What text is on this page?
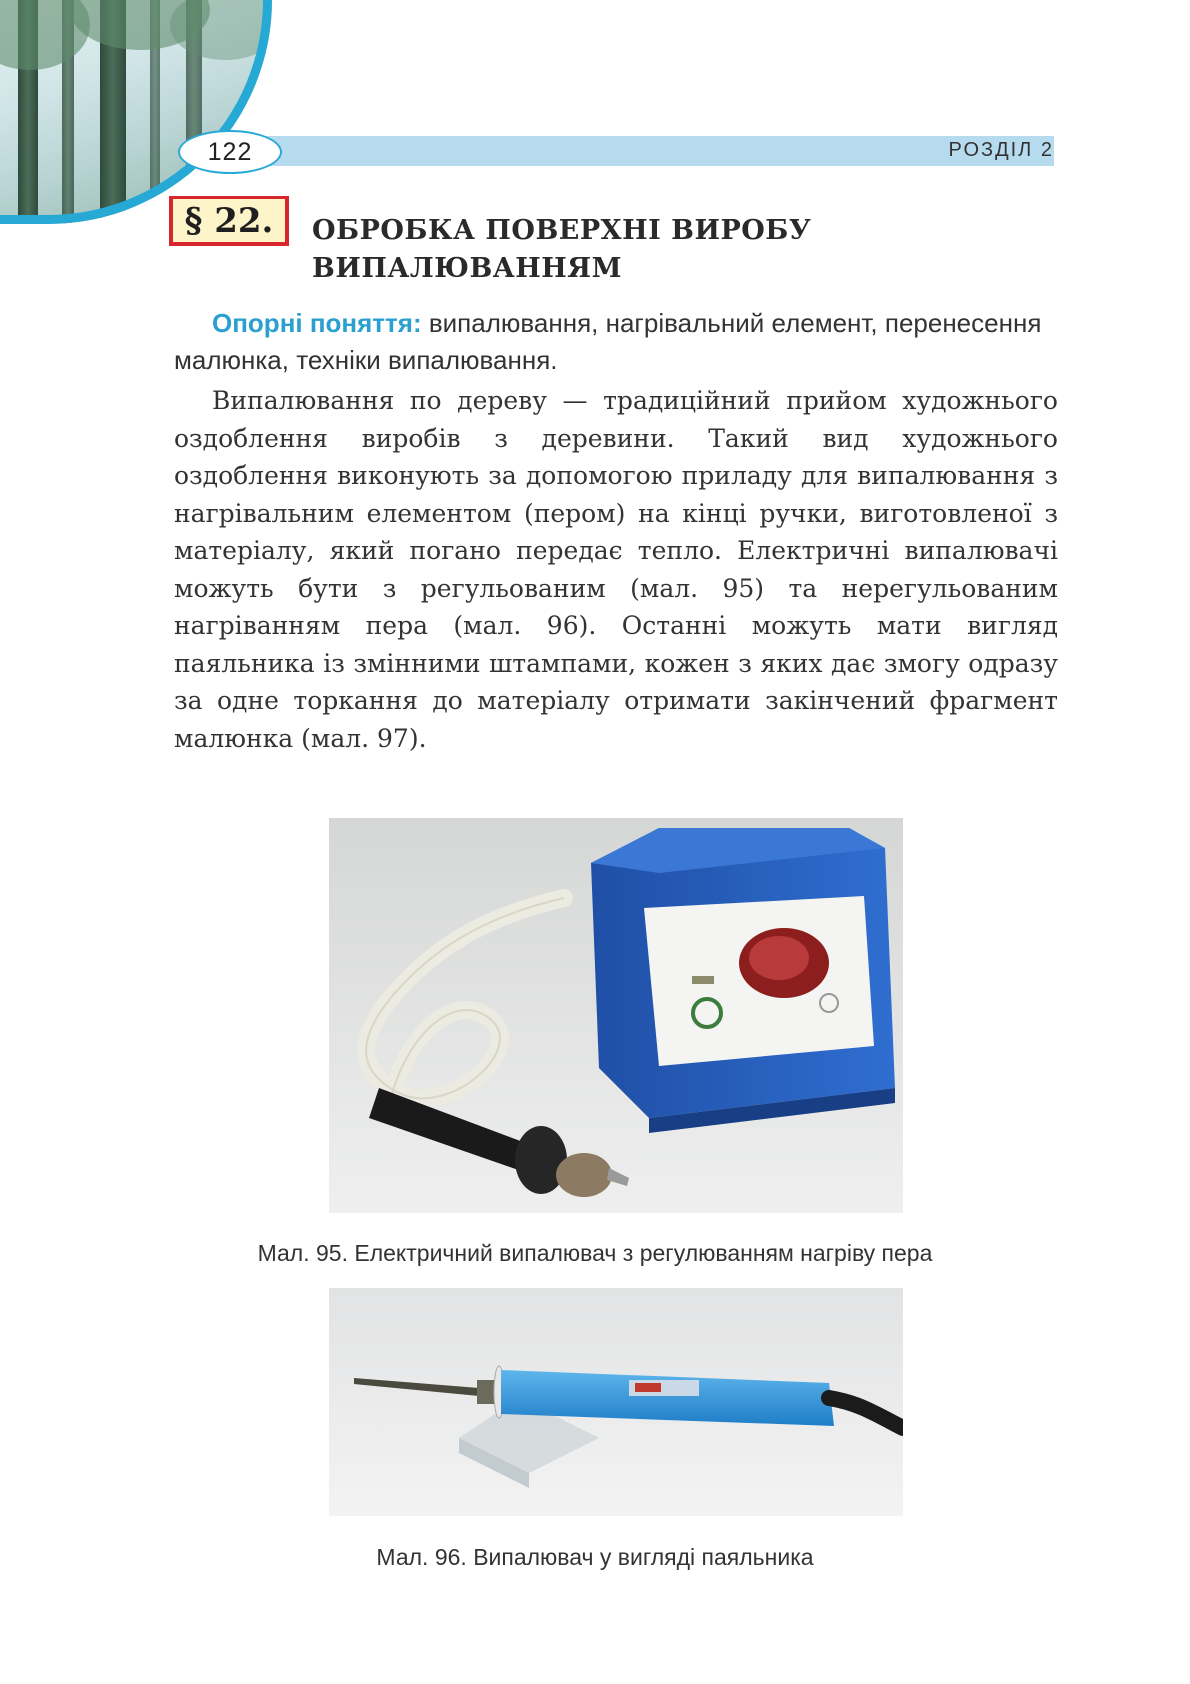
122	РОЗДІЛ 2
§ 22.	ОБРОБКА ПОВЕРХНІ ВИРОБУ
ВИПАЛЮВАННЯМ
Опорні поняття: випалювання, нагрівальний елемент, перенесення малюнка, техніки випалювання.
Випалювання по дереву — традиційний прийом художнього оздоблення виробів з деревини. Такий вид художнього оздоблення виконують за допомогою приладу для випалювання з нагрівальним елементом (пером) на кінці ручки, виготовленої з матеріалу, який погано передає тепло. Електричні випалювачі можуть бути з регульованим (мал. 95) та нерегульованим нагріванням пера (мал. 96). Останні можуть мати вигляд паяльника із змінними штампами, кожен з яких дає змогу одразу за одне торкання до матеріалу отримати закінчений фрагмент малюнка (мал. 97).
Мал. 95. Електричний випалювач з регулюванням нагріву пера
Мал. 96. Випалювач у вигляді паяльника
